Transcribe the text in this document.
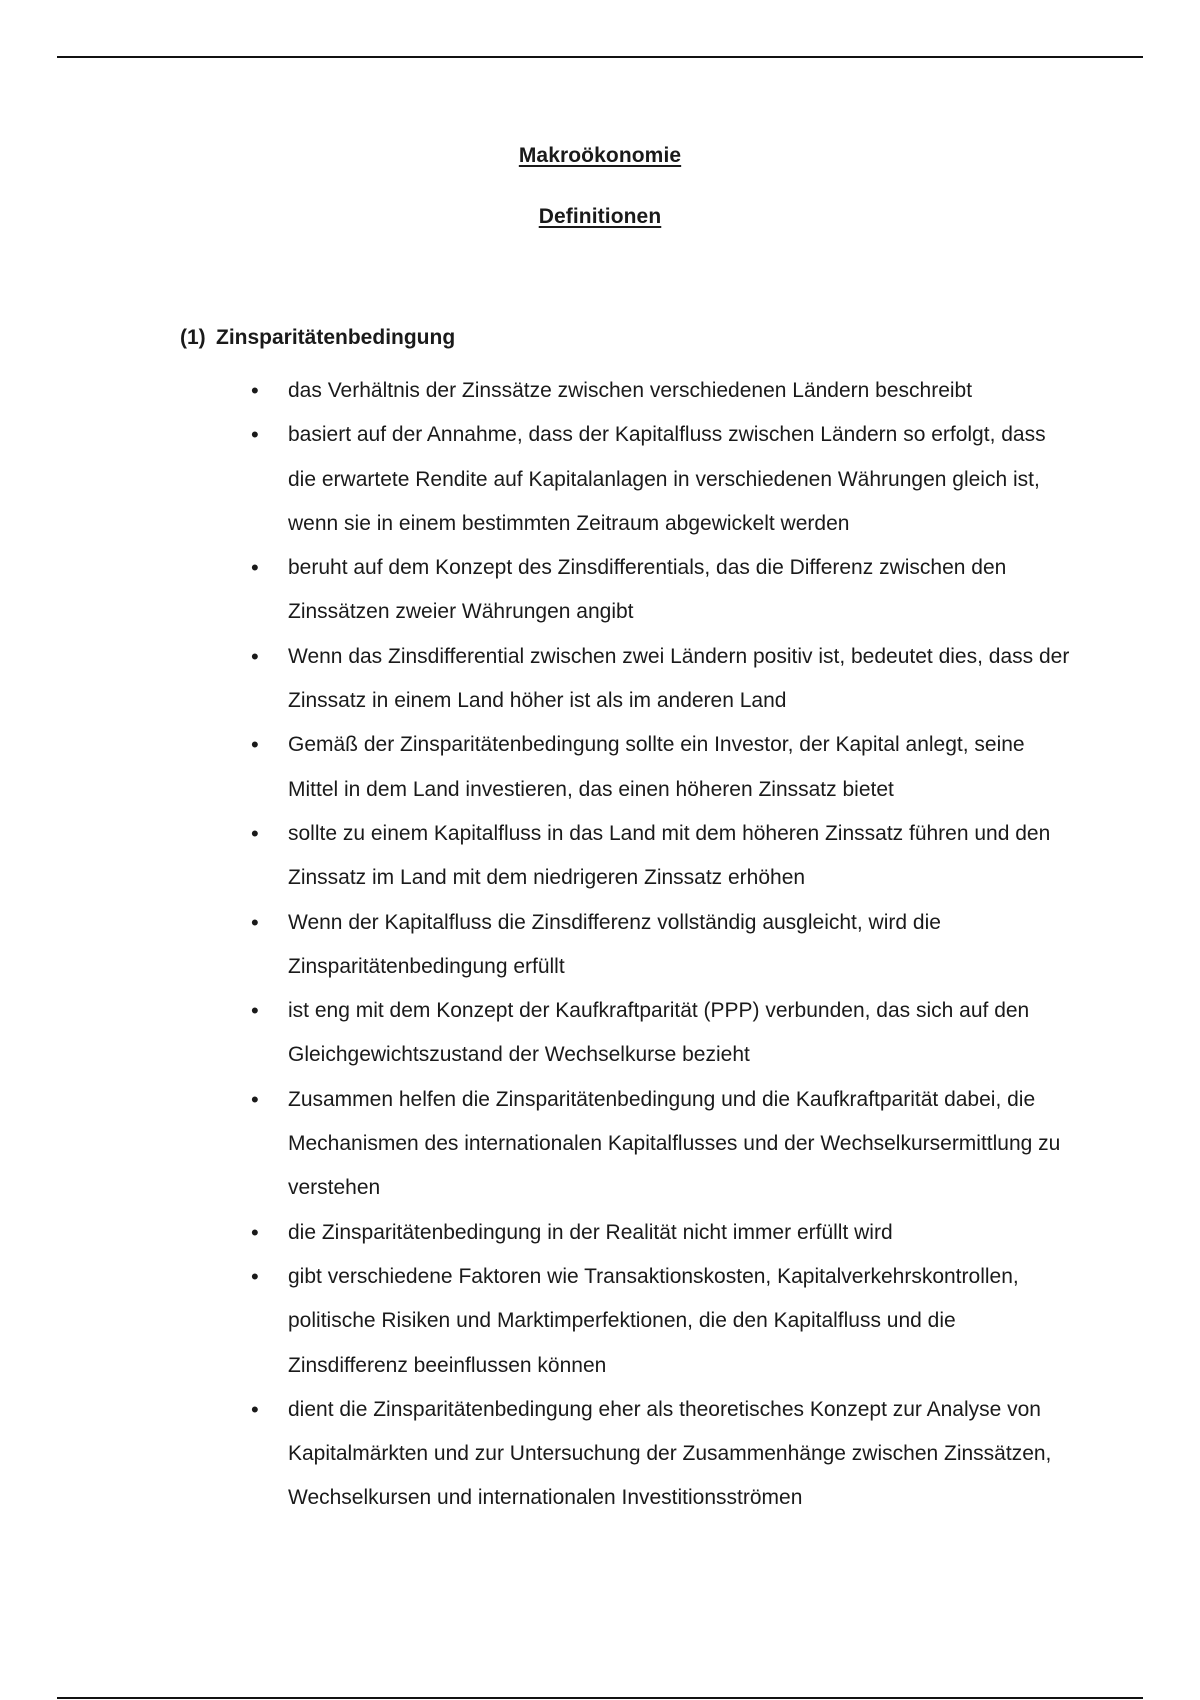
Makroökonomie
Definitionen
(1) Zinsparitätenbedingung
• das Verhältnis der Zinssätze zwischen verschiedenen Ländern beschreibt
• basiert auf der Annahme, dass der Kapitalfluss zwischen Ländern so erfolgt, dass die erwartete Rendite auf Kapitalanlagen in verschiedenen Währungen gleich ist, wenn sie in einem bestimmten Zeitraum abgewickelt werden
• beruht auf dem Konzept des Zinsdifferentials, das die Differenz zwischen den Zinssätzen zweier Währungen angibt
• Wenn das Zinsdifferential zwischen zwei Ländern positiv ist, bedeutet dies, dass der Zinssatz in einem Land höher ist als im anderen Land
• Gemäß der Zinsparitätenbedingung sollte ein Investor, der Kapital anlegt, seine Mittel in dem Land investieren, das einen höheren Zinssatz bietet
• sollte zu einem Kapitalfluss in das Land mit dem höheren Zinssatz führen und den Zinssatz im Land mit dem niedrigeren Zinssatz erhöhen
• Wenn der Kapitalfluss die Zinsdifferenz vollständig ausgleicht, wird die Zinsparitätenbedingung erfüllt
• ist eng mit dem Konzept der Kaufkraftparität (PPP) verbunden, das sich auf den Gleichgewichtszustand der Wechselkurse bezieht
• Zusammen helfen die Zinsparitätenbedingung und die Kaufkraftparität dabei, die Mechanismen des internationalen Kapitalflusses und der Wechselkursermittlung zu verstehen
• die Zinsparitätenbedingung in der Realität nicht immer erfüllt wird
• gibt verschiedene Faktoren wie Transaktionskosten, Kapitalverkehrskontrollen, politische Risiken und Marktimperfektionen, die den Kapitalfluss und die Zinsdifferenz beeinflussen können
• dient die Zinsparitätenbedingung eher als theoretisches Konzept zur Analyse von Kapitalmärkten und zur Untersuchung der Zusammenhänge zwischen Zinssätzen, Wechselkursen und internationalen Investitionsströmen
